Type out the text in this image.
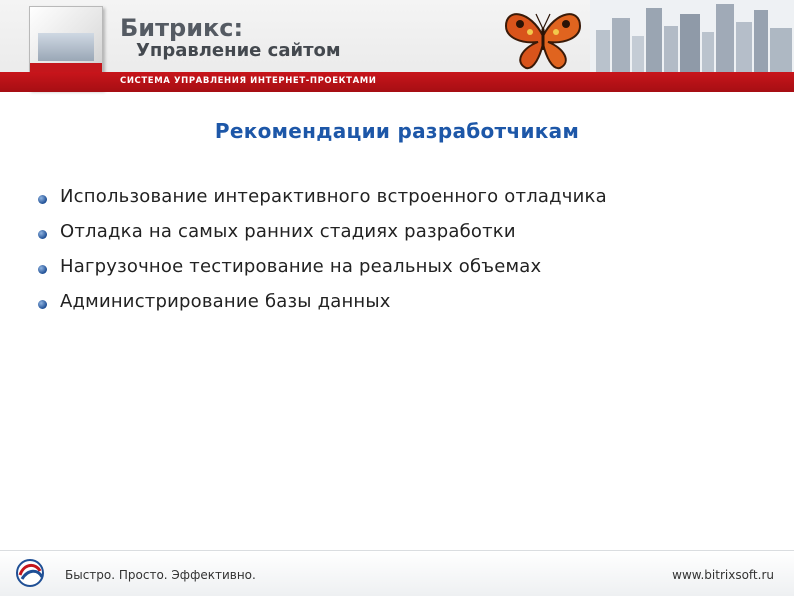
Битрикс:
Управление сайтом
СИСТЕМА УПРАВЛЕНИЯ ИНТЕРНЕТ-ПРОЕКТАМИ
Рекомендации разработчикам
Использование интерактивного встроенного отладчика
Отладка на самых ранних стадиях разработки
Нагрузочное тестирование на реальных объемах
Администрирование базы данных
Быстро. Просто. Эффективно.	www.bitrixsoft.ru
